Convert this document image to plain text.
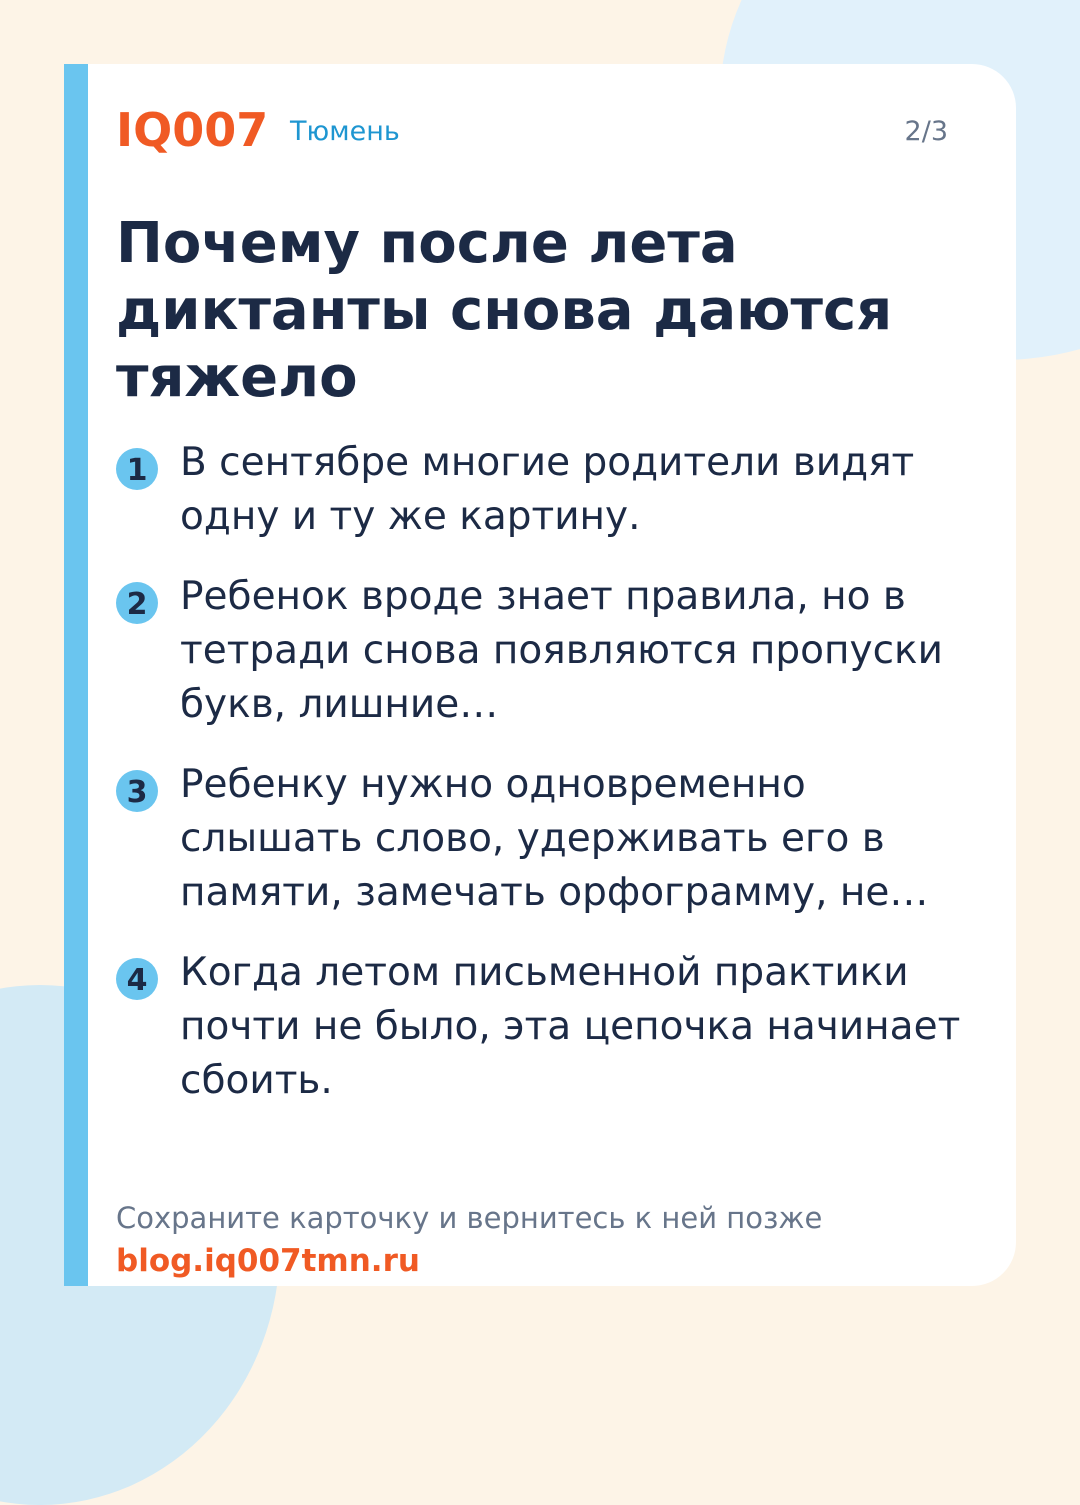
IQ007 Тюмень	2/3
Почему после лета диктанты снова даются тяжело
1 В сентябре многие родители видят одну и ту же картину.
2 Ребенок вроде знает правила, но в тетради снова появляются пропуски букв, лишние…
3 Ребенку нужно одновременно слышать слово, удерживать его в памяти, замечать орфограмму, не…
4 Когда летом письменной практики почти не было, эта цепочка начинает сбоить.
Сохраните карточку и вернитесь к ней позже
blog.iq007tmn.ru
